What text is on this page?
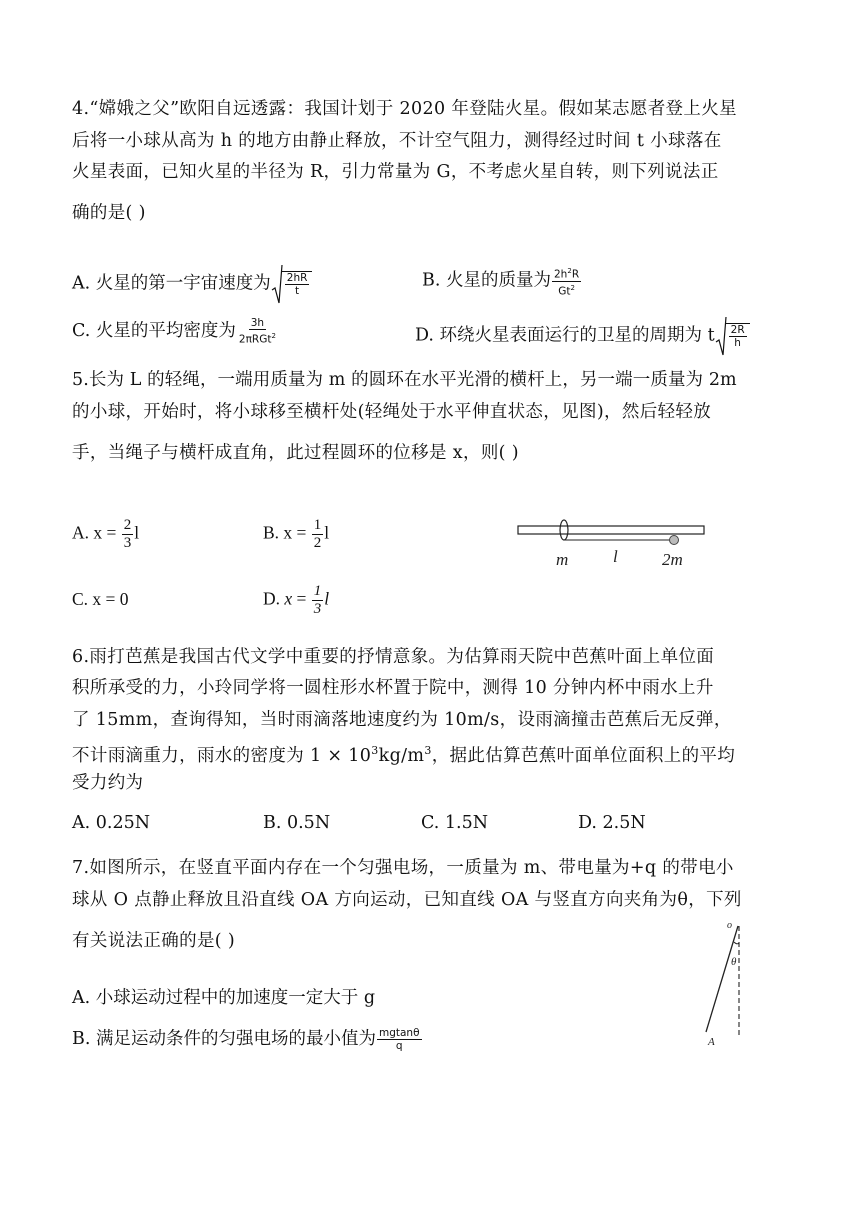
4.“嫦娥之父”欧阳自远透露：我国计划于 2020 年登陆火星。假如某志愿者登上火星
后将一小球从高为 h 的地方由静止释放，不计空气阻力，测得经过时间 t 小球落在
火星表面，已知火星的半径为 R，引力常量为 G，不考虑火星自转，则下列说法正
确的是( )
A. 火星的第一宇宙速度为 $\frac{2hR}{t}$	B. 火星的质量为 $\frac{2h^2R}{Gt^2}$
C. 火星的平均密度为 $\frac{3h}{2\pi RGt^2}$	D. 环绕火星表面运行的卫星的周期为 t $\frac{2R}{h}$
5.长为 L 的轻绳，一端用质量为 m 的圆环在水平光滑的横杆上，另一端一质量为 2m
的小球，开始时，将小球移至横杆处(轻绳处于水平伸直状态，见图)，然后轻轻放
手，当绳子与横杆成直角，此过程圆环的位移是 x，则( )
A. $x = \frac{2}{3}$ l	B. $x = \frac{1}{2}$ l
C. x = 0	D. $x = \frac{1}{3}$ l
m	l	2m
6.雨打芭蕉是我国古代文学中重要的抒情意象。为估算雨天院中芭蕉叶面上单位面
积所承受的力，小玲同学将一圆柱形水杯置于院中，测得 10 分钟内杯中雨水上升
了 15mm，查询得知，当时雨滴落地速度约为 10m/s，设雨滴撞击芭蕉后无反弹，
不计雨滴重力，雨水的密度为 $1 \times 10^3kg/m^3$，据此估算芭蕉叶面单位面积上的平均
受力约为
A. 0.25N	B. 0.5N	C. 1.5N	D. 2.5N
7.如图所示，在竖直平面内存在一个匀强电场，一质量为 m、带电量为+q 的带电小
球从 O 点静止释放且沿直线 OA 方向运动，已知直线 OA 与竖直方向夹角为θ，下列
有关说法正确的是( )
A. 小球运动过程中的加速度一定大于 g
B. 满足运动条件的匀强电场的最小值为 $\frac{mgtan\theta}{q}$
o
θ
A
